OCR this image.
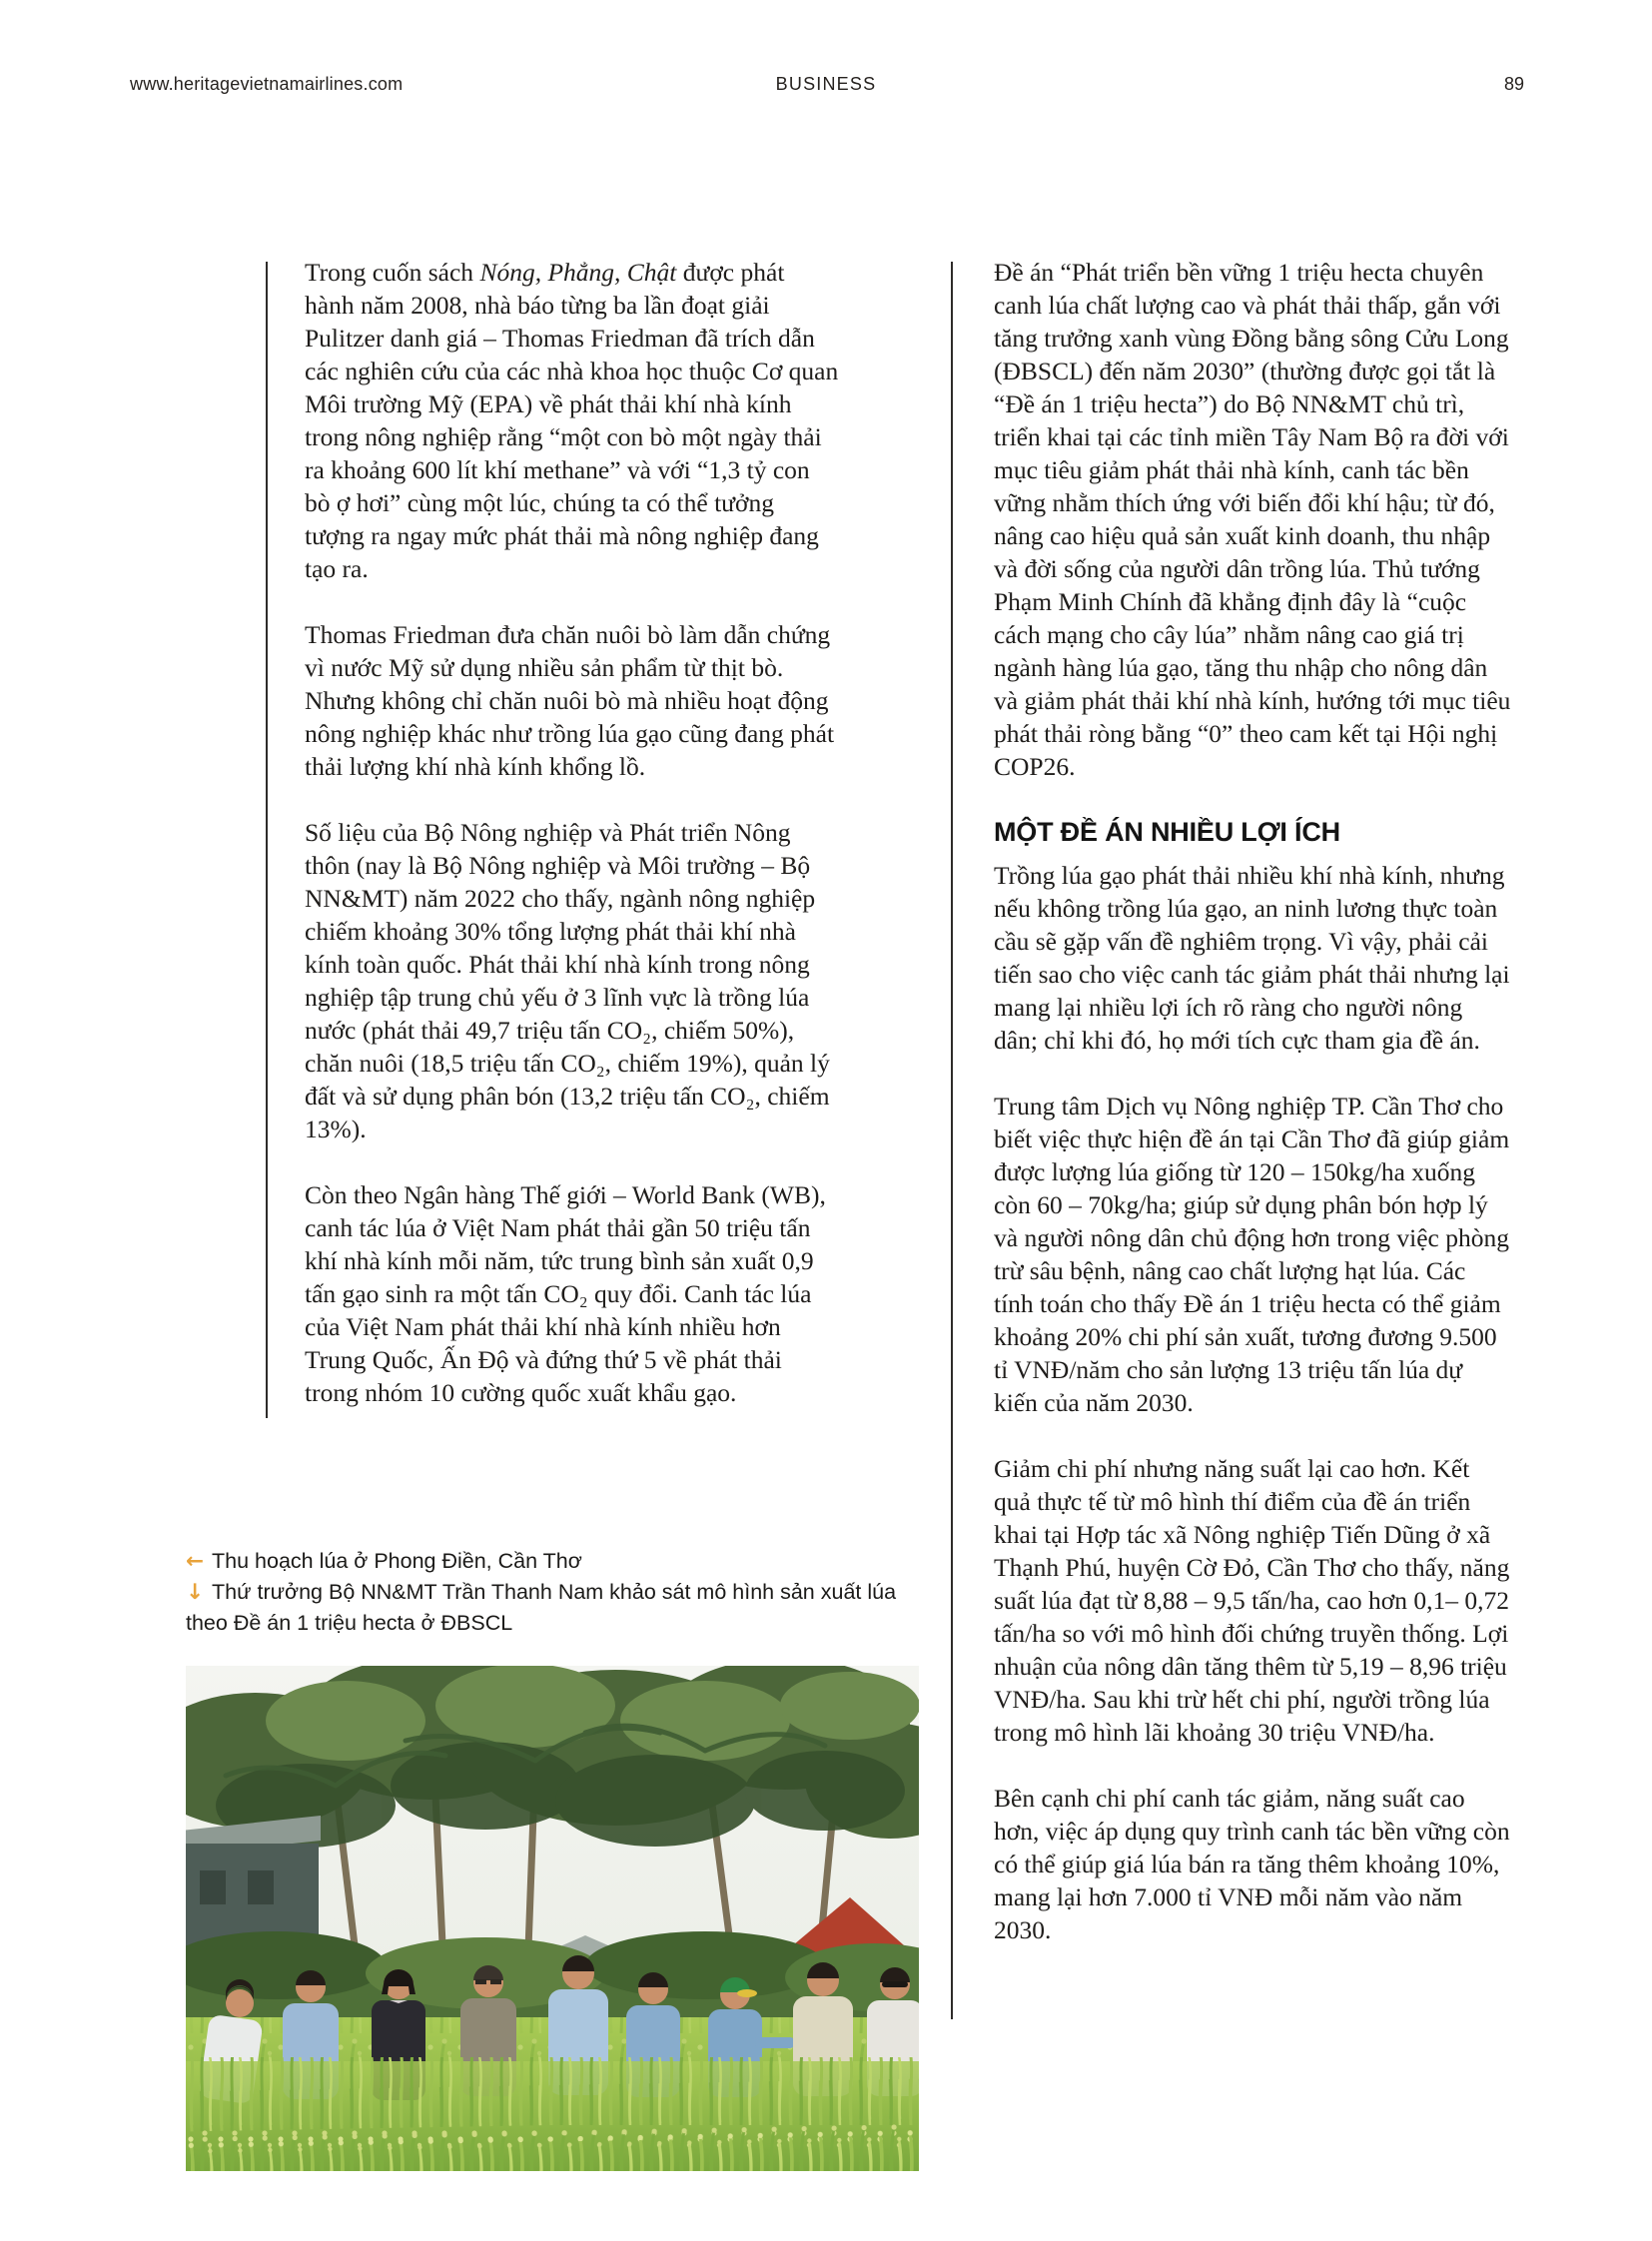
www.heritagevietnamairlines.com	BUSINESS	89

Trong cuốn sách Nóng, Phẳng, Chật được phát hành năm 2008, nhà báo từng ba lần đoạt giải Pulitzer danh giá – Thomas Friedman đã trích dẫn các nghiên cứu của các nhà khoa học thuộc Cơ quan Môi trường Mỹ (EPA) về phát thải khí nhà kính trong nông nghiệp rằng “một con bò một ngày thải ra khoảng 600 lít khí methane” và với “1,3 tỷ con bò ợ hơi” cùng một lúc, chúng ta có thể tưởng tượng ra ngay mức phát thải mà nông nghiệp đang tạo ra.

Thomas Friedman đưa chăn nuôi bò làm dẫn chứng vì nước Mỹ sử dụng nhiều sản phẩm từ thịt bò. Nhưng không chỉ chăn nuôi bò mà nhiều hoạt động nông nghiệp khác như trồng lúa gạo cũng đang phát thải lượng khí nhà kính khổng lồ.

Số liệu của Bộ Nông nghiệp và Phát triển Nông thôn (nay là Bộ Nông nghiệp và Môi trường – Bộ NN&MT) năm 2022 cho thấy, ngành nông nghiệp chiếm khoảng 30% tổng lượng phát thải khí nhà kính toàn quốc. Phát thải khí nhà kính trong nông nghiệp tập trung chủ yếu ở 3 lĩnh vực là trồng lúa nước (phát thải 49,7 triệu tấn CO₂, chiếm 50%), chăn nuôi (18,5 triệu tấn CO₂, chiếm 19%), quản lý đất và sử dụng phân bón (13,2 triệu tấn CO₂, chiếm 13%).

Còn theo Ngân hàng Thế giới – World Bank (WB), canh tác lúa ở Việt Nam phát thải gần 50 triệu tấn khí nhà kính mỗi năm, tức trung bình sản xuất 0,9 tấn gạo sinh ra một tấn CO₂ quy đổi. Canh tác lúa của Việt Nam phát thải khí nhà kính nhiều hơn Trung Quốc, Ấn Độ và đứng thứ 5 về phát thải trong nhóm 10 cường quốc xuất khẩu gạo.

Đề án “Phát triển bền vững 1 triệu hecta chuyên canh lúa chất lượng cao và phát thải thấp, gắn với tăng trưởng xanh vùng Đồng bằng sông Cửu Long (ĐBSCL) đến năm 2030” (thường được gọi tắt là “Đề án 1 triệu hecta”) do Bộ NN&MT chủ trì, triển khai tại các tỉnh miền Tây Nam Bộ ra đời với mục tiêu giảm phát thải nhà kính, canh tác bền vững nhằm thích ứng với biến đổi khí hậu; từ đó, nâng cao hiệu quả sản xuất kinh doanh, thu nhập và đời sống của người dân trồng lúa. Thủ tướng Phạm Minh Chính đã khẳng định đây là “cuộc cách mạng cho cây lúa” nhằm nâng cao giá trị ngành hàng lúa gạo, tăng thu nhập cho nông dân và giảm phát thải khí nhà kính, hướng tới mục tiêu phát thải ròng bằng “0” theo cam kết tại Hội nghị COP26.

MỘT ĐỀ ÁN NHIỀU LỢI ÍCH

Trồng lúa gạo phát thải nhiều khí nhà kính, nhưng nếu không trồng lúa gạo, an ninh lương thực toàn cầu sẽ gặp vấn đề nghiêm trọng. Vì vậy, phải cải tiến sao cho việc canh tác giảm phát thải nhưng lại mang lại nhiều lợi ích rõ ràng cho người nông dân; chỉ khi đó, họ mới tích cực tham gia đề án.

Trung tâm Dịch vụ Nông nghiệp TP. Cần Thơ cho biết việc thực hiện đề án tại Cần Thơ đã giúp giảm được lượng lúa giống từ 120 – 150kg/ha xuống còn 60 – 70kg/ha; giúp sử dụng phân bón hợp lý và người nông dân chủ động hơn trong việc phòng trừ sâu bệnh, nâng cao chất lượng hạt lúa. Các tính toán cho thấy Đề án 1 triệu hecta có thể giảm khoảng 20% chi phí sản xuất, tương đương 9.500 tỉ VNĐ/năm cho sản lượng 13 triệu tấn lúa dự kiến của năm 2030.

Giảm chi phí nhưng năng suất lại cao hơn. Kết quả thực tế từ mô hình thí điểm của đề án triển khai tại Hợp tác xã Nông nghiệp Tiến Dũng ở xã Thạnh Phú, huyện Cờ Đỏ, Cần Thơ cho thấy, năng suất lúa đạt từ 8,88 – 9,5 tấn/ha, cao hơn 0,1– 0,72 tấn/ha so với mô hình đối chứng truyền thống. Lợi nhuận của nông dân tăng thêm từ 5,19 – 8,96 triệu VNĐ/ha. Sau khi trừ hết chi phí, người trồng lúa trong mô hình lãi khoảng 30 triệu VNĐ/ha.

Bên cạnh chi phí canh tác giảm, năng suất cao hơn, việc áp dụng quy trình canh tác bền vững còn có thể giúp giá lúa bán ra tăng thêm khoảng 10%, mang lại hơn 7.000 tỉ VNĐ mỗi năm vào năm 2030.

← Thu hoạch lúa ở Phong Điền, Cần Thơ
↓ Thứ trưởng Bộ NN&MT Trần Thanh Nam khảo sát mô hình sản xuất lúa theo Đề án 1 triệu hecta ở ĐBSCL
